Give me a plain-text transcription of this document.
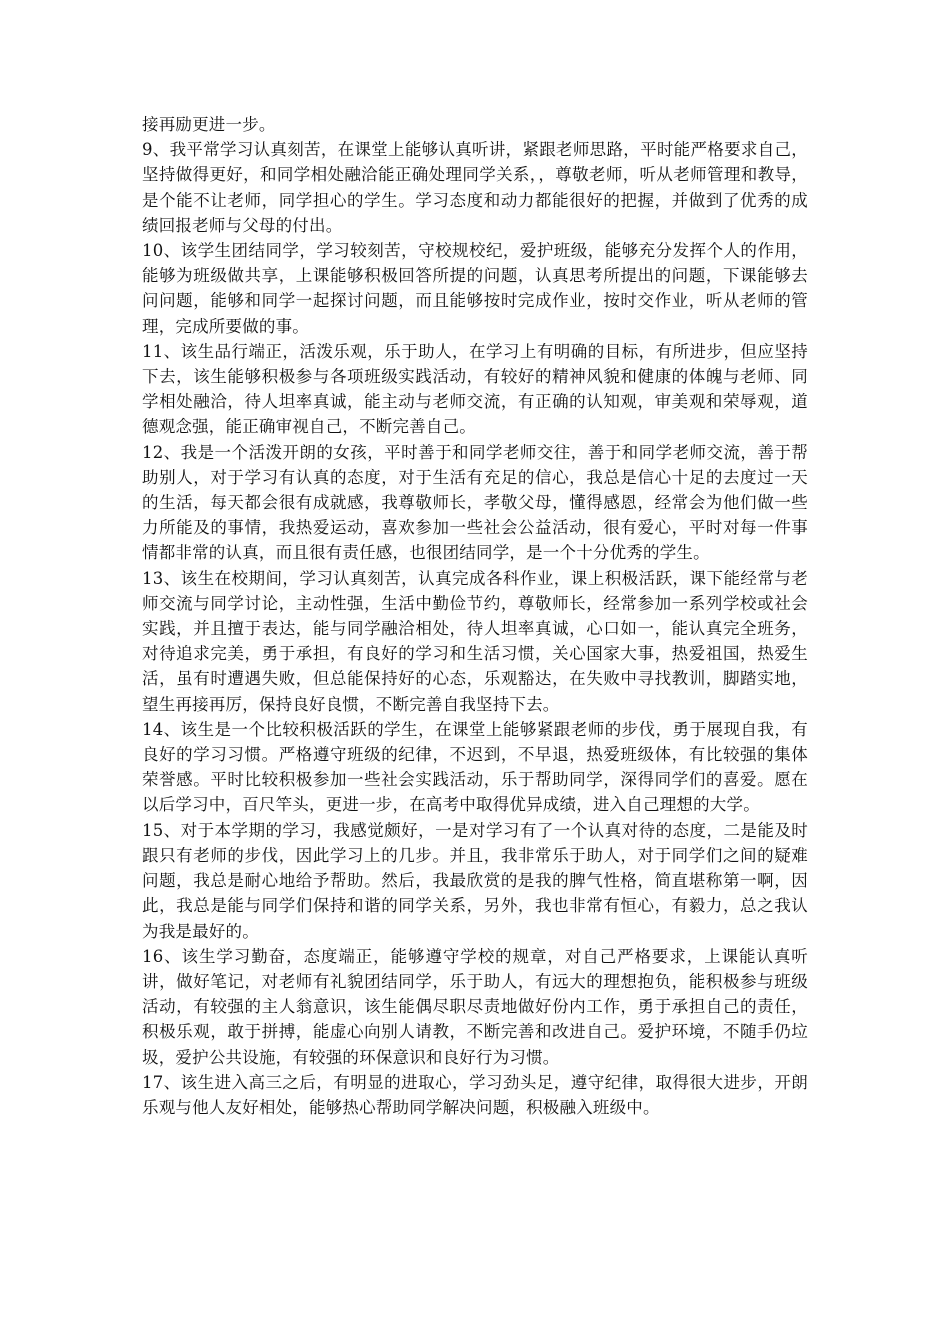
接再励更进一步。

9、我平常学习认真刻苦，在课堂上能够认真听讲，紧跟老师思路，平时能严格要求自己，坚持做得更好，和同学相处融洽能正确处理同学关系，，尊敬老师，听从老师管理和教导，是个能不让老师，同学担心的学生。学习态度和动力都能很好的把握，并做到了优秀的成绩回报老师与父母的付出。

10、该学生团结同学，学习较刻苦，守校规校纪，爱护班级，能够充分发挥个人的作用，能够为班级做共享，上课能够积极回答所提的问题，认真思考所提出的问题，下课能够去问问题，能够和同学一起探讨问题，而且能够按时完成作业，按时交作业，听从老师的管理，完成所要做的事。

11、该生品行端正，活泼乐观，乐于助人，在学习上有明确的目标，有所进步，但应坚持下去，该生能够积极参与各项班级实践活动，有较好的精神风貌和健康的体魄与老师、同学相处融洽，待人坦率真诚，能主动与老师交流，有正确的认知观，审美观和荣辱观，道德观念强，能正确审视自己，不断完善自己。

12、我是一个活泼开朗的女孩，平时善于和同学老师交往，善于和同学老师交流，善于帮助别人，对于学习有认真的态度，对于生活有充足的信心，我总是信心十足的去度过一天的生活，每天都会很有成就感，我尊敬师长，孝敬父母，懂得感恩，经常会为他们做一些力所能及的事情，我热爱运动，喜欢参加一些社会公益活动，很有爱心，平时对每一件事情都非常的认真，而且很有责任感，也很团结同学，是一个十分优秀的学生。

13、该生在校期间，学习认真刻苦，认真完成各科作业，课上积极活跃，课下能经常与老师交流与同学讨论，主动性强，生活中勤俭节约，尊敬师长，经常参加一系列学校或社会实践，并且擅于表达，能与同学融洽相处，待人坦率真诚，心口如一，能认真完全班务，对待追求完美，勇于承担，有良好的学习和生活习惯，关心国家大事，热爱祖国，热爱生活，虽有时遭遇失败，但总能保持好的心态，乐观豁达，在失败中寻找教训，脚踏实地，望生再接再厉，保持良好良惯，不断完善自我坚持下去。

14、该生是一个比较积极活跃的学生，在课堂上能够紧跟老师的步伐，勇于展现自我，有良好的学习习惯。严格遵守班级的纪律，不迟到，不早退，热爱班级体，有比较强的集体荣誉感。平时比较积极参加一些社会实践活动，乐于帮助同学，深得同学们的喜爱。愿在以后学习中，百尺竿头，更进一步，在高考中取得优异成绩，进入自己理想的大学。

15、对于本学期的学习，我感觉颇好，一是对学习有了一个认真对待的态度，二是能及时跟只有老师的步伐，因此学习上的几步。并且，我非常乐于助人，对于同学们之间的疑难问题，我总是耐心地给予帮助。然后，我最欣赏的是我的脾气性格，简直堪称第一啊，因此，我总是能与同学们保持和谐的同学关系，另外，我也非常有恒心，有毅力，总之我认为我是最好的。

16、该生学习勤奋，态度端正，能够遵守学校的规章，对自己严格要求，上课能认真听讲，做好笔记，对老师有礼貌团结同学，乐于助人，有远大的理想抱负，能积极参与班级活动，有较强的主人翁意识，该生能偶尽职尽责地做好份内工作，勇于承担自己的责任，积极乐观，敢于拼搏，能虚心向别人请教，不断完善和改进自己。爱护环境，不随手仍垃圾，爱护公共设施，有较强的环保意识和良好行为习惯。

17、该生进入高三之后，有明显的进取心，学习劲头足，遵守纪律，取得很大进步，开朗乐观与他人友好相处，能够热心帮助同学解决问题，积极融入班级中。
